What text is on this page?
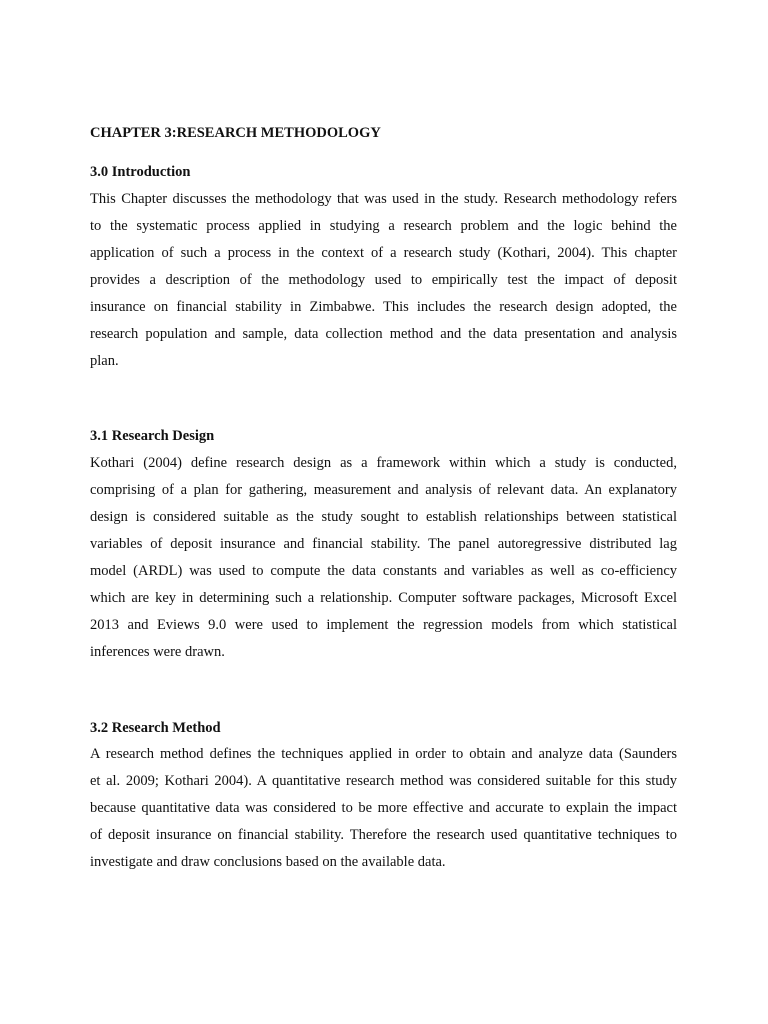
CHAPTER 3:RESEARCH METHODOLOGY
3.0 Introduction
This Chapter discusses the methodology that was used in the study. Research methodology refers
to the systematic process applied in studying a research problem and the logic behind the
application of such a process in the context of a research study (Kothari, 2004). This chapter
provides a description of the methodology used to empirically test the impact of deposit
insurance on financial stability in Zimbabwe. This includes the research design adopted, the
research population and sample, data collection method and the data presentation and analysis
plan.
3.1 Research Design
Kothari (2004) define research design as a framework within which a study is conducted,
comprising of a plan for gathering, measurement and analysis of relevant data. An explanatory
design is considered suitable as the study sought to establish relationships between statistical
variables of deposit insurance and financial stability. The panel autoregressive distributed lag
model (ARDL) was used to compute the data constants and variables as well as co-efficiency
which are key in determining such a relationship. Computer software packages, Microsoft Excel
2013 and Eviews 9.0 were used to implement the regression models from which statistical
inferences were drawn.
3.2 Research Method
A research method defines the techniques applied in order to obtain and analyze data (Saunders
et al. 2009; Kothari 2004). A quantitative research method was considered suitable for this study
because quantitative data was considered to be more effective and accurate to explain the impact
of deposit insurance on financial stability. Therefore the research used quantitative techniques to
investigate and draw conclusions based on the available data.
